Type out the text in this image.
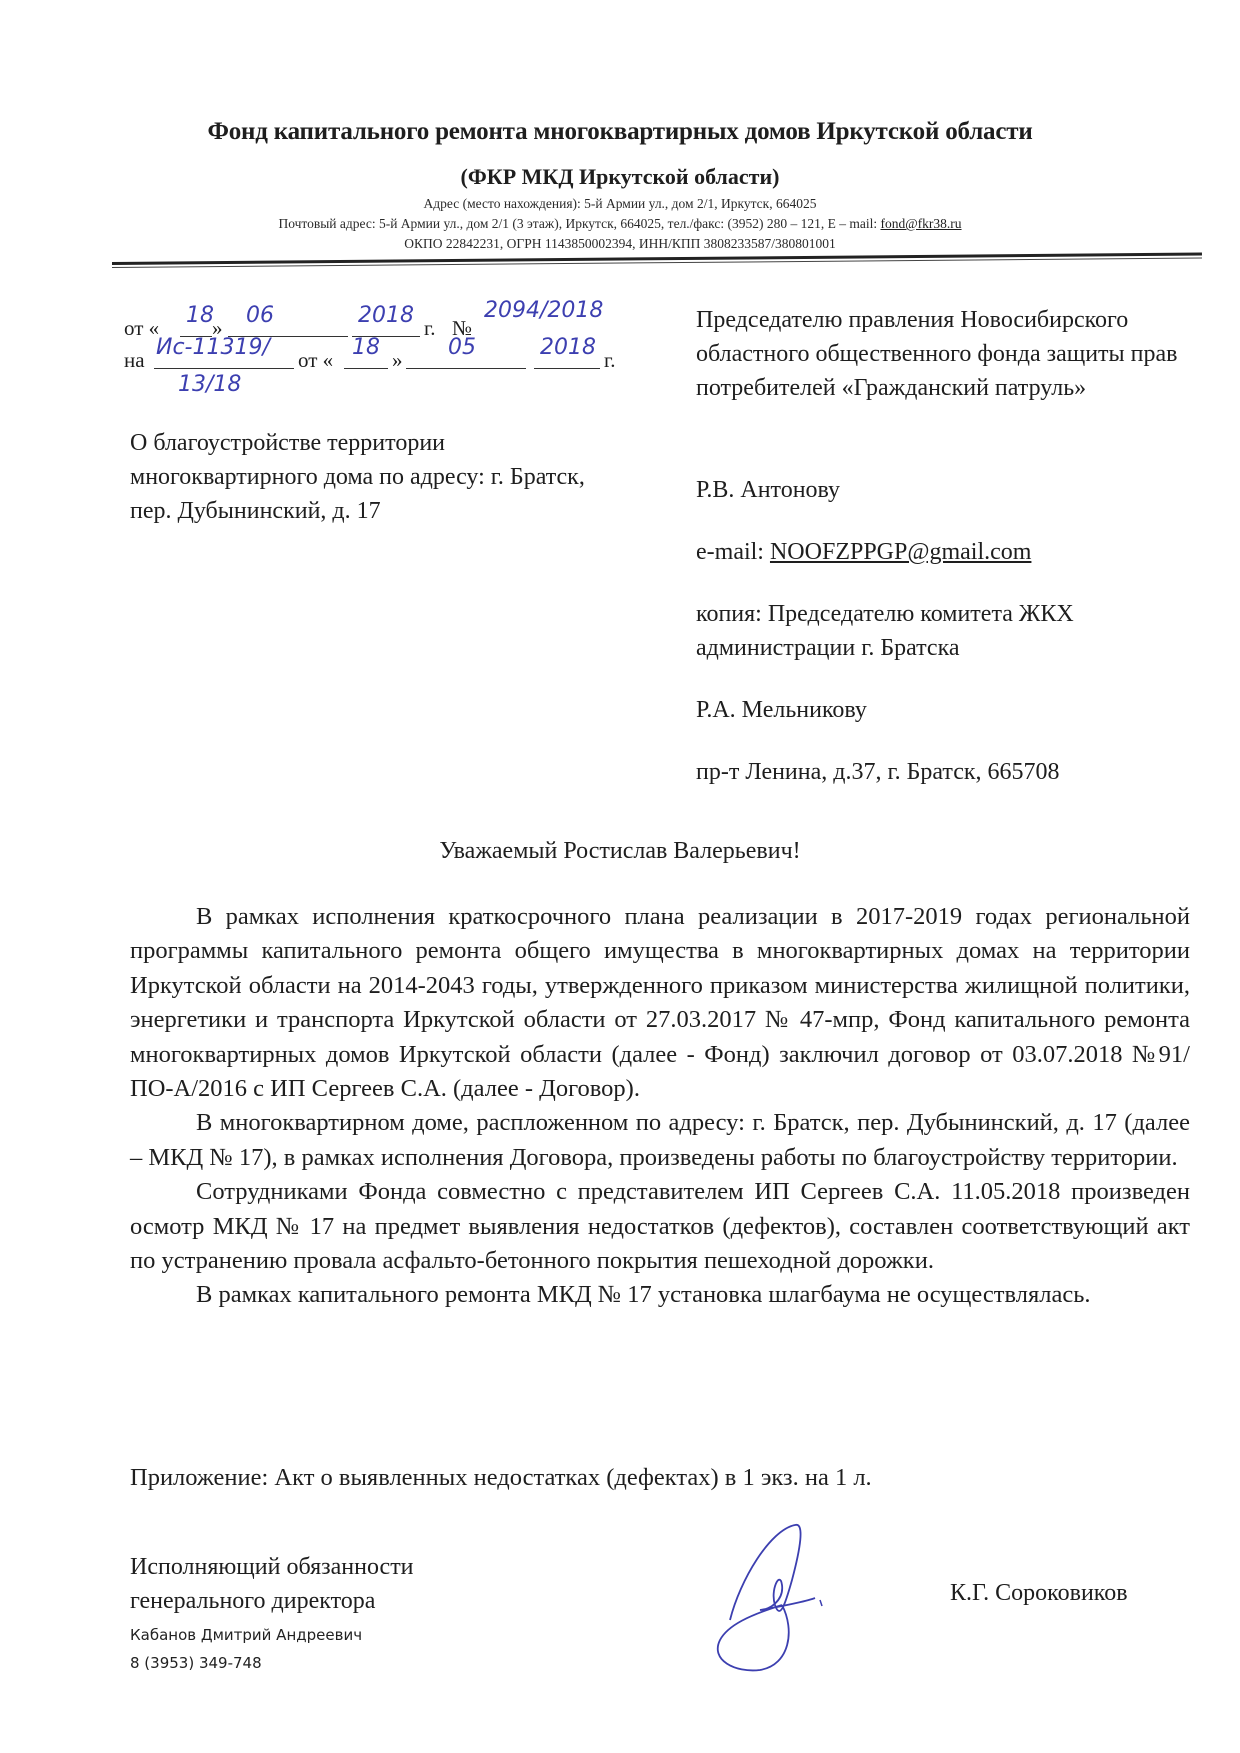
Фонд капитального ремонта многоквартирных домов Иркутской области
(ФКР МКД Иркутской области)
Адрес (место нахождения): 5-й Армии ул., дом 2/1, Иркутск, 664025
Почтовый адрес: 5-й Армии ул., дом 2/1 (3 этаж), Иркутск, 664025, тел./факс: (3952) 280 – 121, E – mail: fond@fkr38.ru
ОКПО 22842231, ОГРН 1143850002394, ИНН/КПП 3808233587/380801001
от « 18
» 06	2018 г. №
2094/2018
на Ис-11319/ от « 18 » 05	2018 г.
13/18
О благоустройстве территории многоквартирного дома по адресу: г. Братск, пер. Дубынинский, д. 17
Председателю правления Новосибирского областного общественного фонда защиты прав потребителей «Гражданский патруль»
Р.В. Антонову
e-mail: NOOFZPPGP@gmail.com
копия: Председателю комитета ЖКХ администрации г. Братска
Р.А. Мельникову
пр-т Ленина, д.37, г. Братск, 665708
Уважаемый Ростислав Валерьевич!

В рамках исполнения краткосрочного плана реализации в 2017-2019 годах региональной программы капитального ремонта общего имущества в многоквартирных домах на территории Иркутской области на 2014-2043 годы, утвержденного приказом министерства жилищной политики, энергетики и транспорта Иркутской области от 27.03.2017 № 47-мпр, Фонд капитального ремонта многоквартирных домов Иркутской области (далее - Фонд) заключил договор от 03.07.2018 №91/ПО-А/2016 с ИП Сергеев С.А. (далее - Договор).

В многоквартирном доме, распложенном по адресу: г. Братск, пер. Дубынинский, д. 17 (далее – МКД № 17), в рамках исполнения Договора, произведены работы по благоустройству территории.

Сотрудниками Фонда совместно с представителем ИП Сергеев С.А. 11.05.2018 произведен осмотр МКД № 17 на предмет выявления недостатков (дефектов), составлен соответствующий акт по устранению провала асфальто-бетонного покрытия пешеходной дорожки.

В рамках капитального ремонта МКД № 17 установка шлагбаума не осуществлялась.

Приложение: Акт о выявленных недостатках (дефектах) в 1 экз. на 1 л.
Исполняющий обязанности
генерального директора	К.Г. Сороковиков
Кабанов Дмитрий Андреевич
8 (3953) 349-748
